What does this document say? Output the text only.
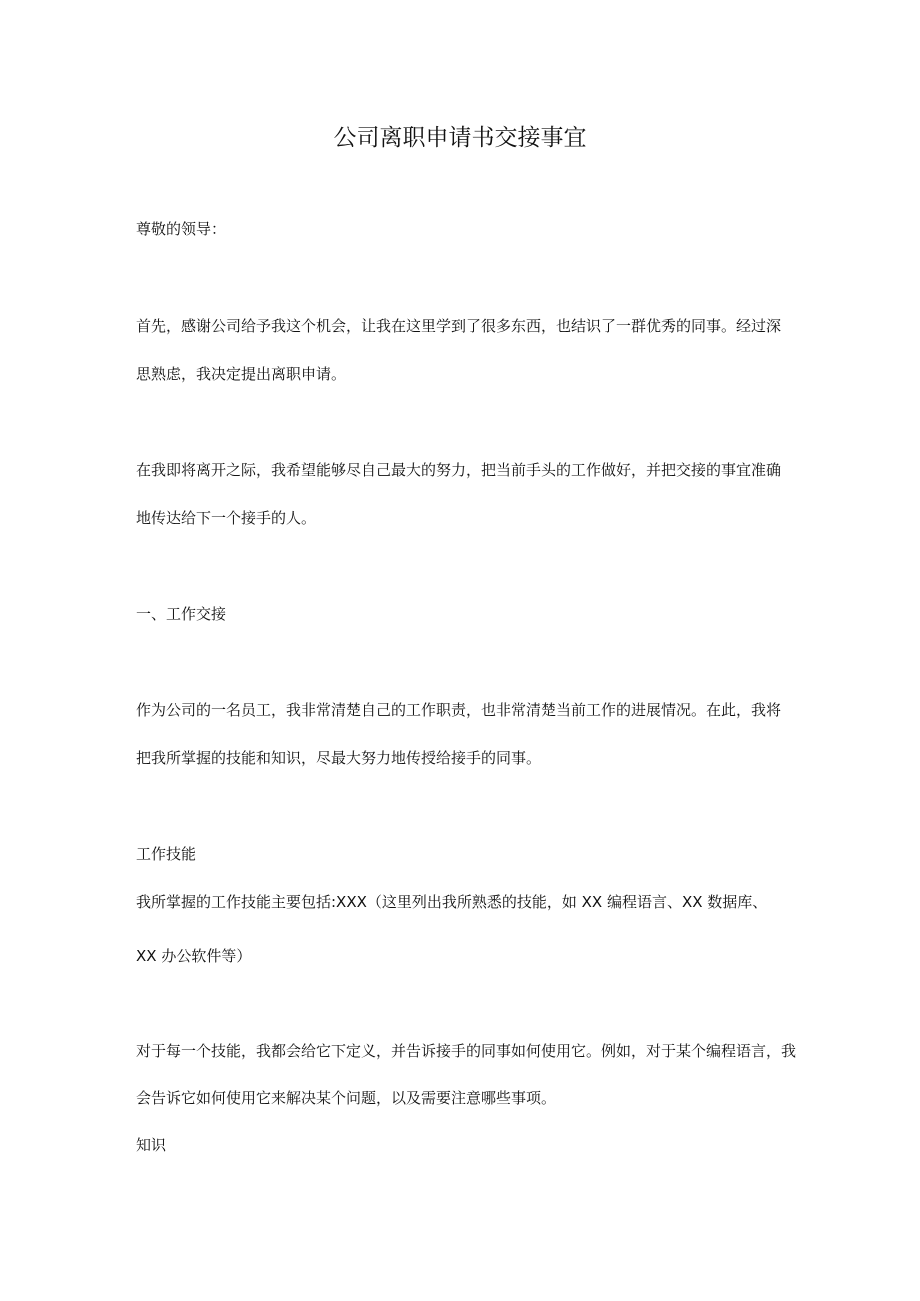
公司离职申请书交接事宜
尊敬的领导：
首先，感谢公司给予我这个机会，让我在这里学到了很多东西，也结识了一群优秀的同事。经过深
思熟虑，我决定提出离职申请。
在我即将离开之际，我希望能够尽自己最大的努力，把当前手头的工作做好，并把交接的事宜准确
地传达给下一个接手的人。
一、工作交接
作为公司的一名员工，我非常清楚自己的工作职责，也非常清楚当前工作的进展情况。在此，我将
把我所掌握的技能和知识，尽最大努力地传授给接手的同事。
工作技能
我所掌握的工作技能主要包括:XXX（这里列出我所熟悉的技能，如 XX 编程语言、XX 数据库、
XX 办公软件等）
对于每一个技能，我都会给它下定义，并告诉接手的同事如何使用它。例如，对于某个编程语言，我
会告诉它如何使用它来解决某个问题，以及需要注意哪些事项。
知识
